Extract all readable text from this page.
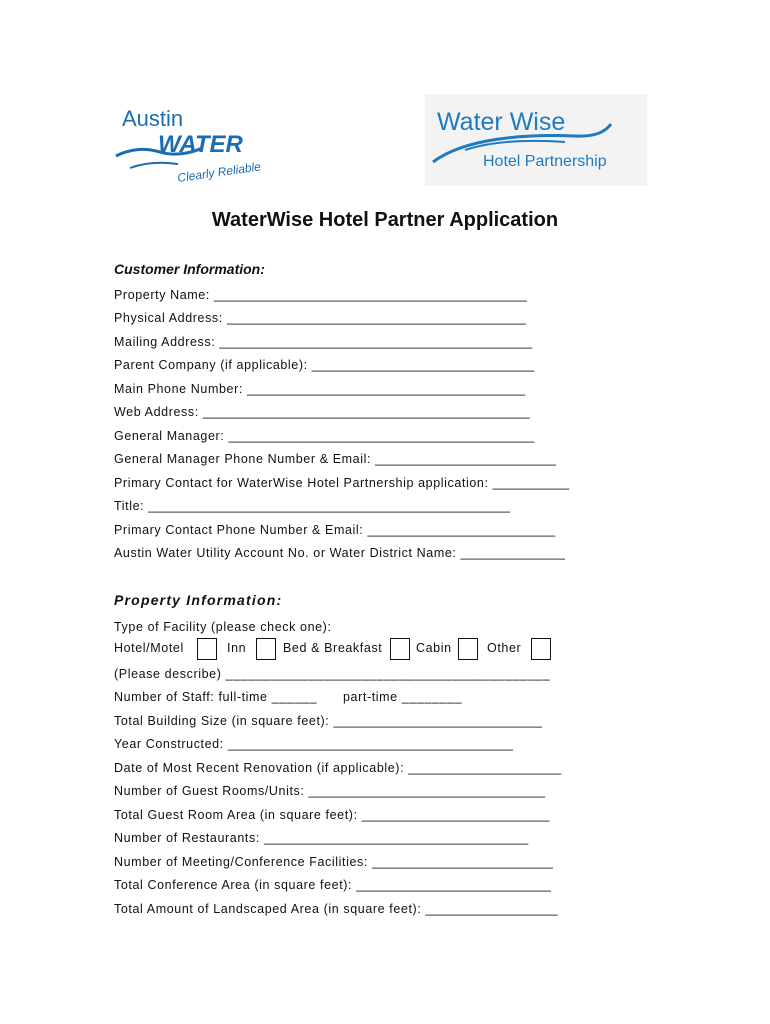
Austin
WATER
Clearly Reliable
Water Wise
Hotel Partnership
WaterWise Hotel Partner Application
Customer Information:
Property Name: _____________________________________________
Physical Address: ___________________________________________
Mailing Address: _____________________________________________
Parent Company (if applicable): ________________________________
Main Phone Number: ________________________________________
Web Address: _______________________________________________
General Manager: ____________________________________________
General Manager Phone Number & Email: __________________________
Primary Contact for WaterWise Hotel Partnership application: ___________
Title: ____________________________________________________
Primary Contact Phone Number & Email: ___________________________
Austin Water Utility Account No. or Water District Name: _______________
Property Information:
Type of Facility (please check one):
Hotel/Motel	Inn	Bed & Breakfast	Cabin	Other
(Please describe) ___________________________________________
Number of Staff: full-time ______ part-time ________
Total Building Size (in square feet): ______________________________
Year Constructed: _________________________________________
Date of Most Recent Renovation (if applicable): ______________________
Number of Guest Rooms/Units: __________________________________
Total Guest Room Area (in square feet): ___________________________
Number of Restaurants: ______________________________________
Number of Meeting/Conference Facilities: __________________________
Total Conference Area (in square feet): ____________________________
Total Amount of Landscaped Area (in square feet): ___________________
